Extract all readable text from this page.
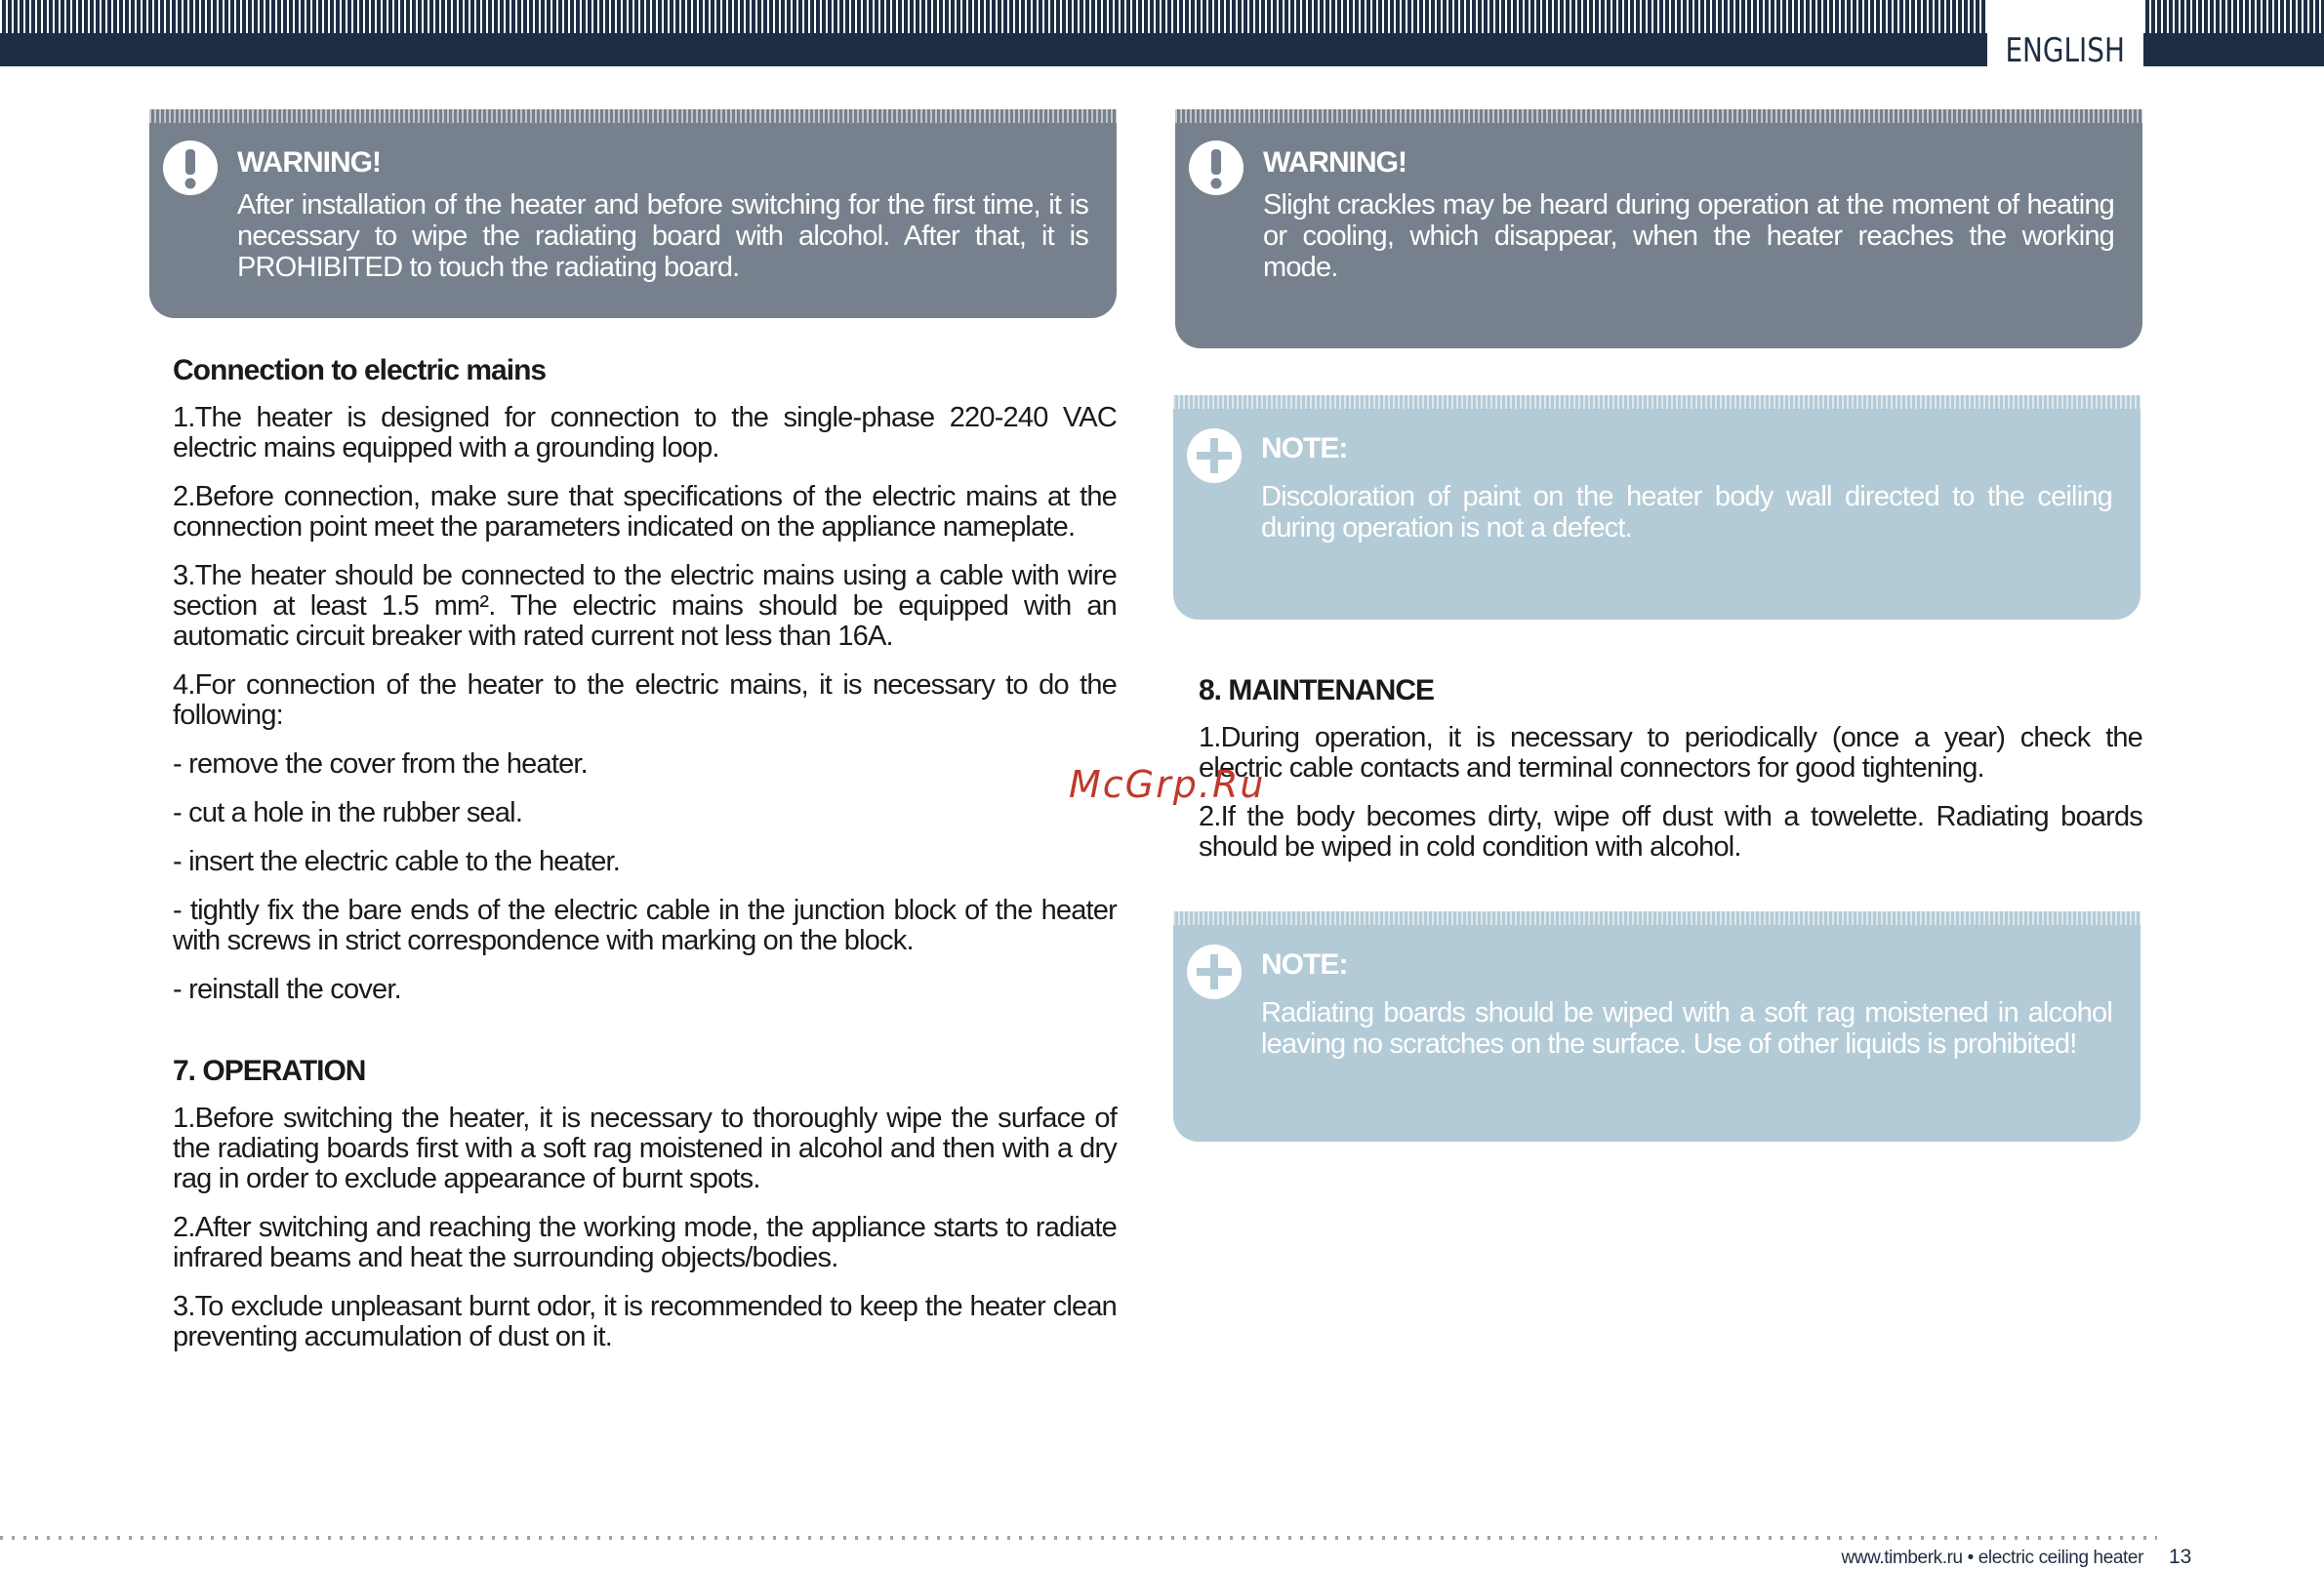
ENGLISH
WARNING!
After installation of the heater and before switching for the first time, it is necessary to wipe the radiating board with alcohol. After that, it is PROHIBITED to touch the radiating board.
Connection to electric mains

1.The heater is designed for connection to the single-phase 220-240 VAC electric mains equipped with a grounding loop.

2.Before connection, make sure that specifications of the electric mains at the connection point meet the parameters indicated on the appliance nameplate.

3.The heater should be connected to the electric mains using a cable with wire section at least 1.5 mm². The electric mains should be equipped with an automatic circuit breaker with rated current not less than 16A.

4.For connection of the heater to the electric mains, it is necessary to do the following:

- remove the cover from the heater.

- cut a hole in the rubber seal.

- insert the electric cable to the heater.

- tightly fix the bare ends of the electric cable in the junction block of the heater with screws in strict correspondence with marking on the block.

- reinstall the cover.

7. OPERATION

1.Before switching the heater, it is necessary to thoroughly wipe the surface of the radiating boards first with a soft rag moistened in alcohol and then with a dry rag in order to exclude appearance of burnt spots.

2.After switching and reaching the working mode, the appliance starts to radiate infrared beams and heat the surrounding objects/bodies.

3.To exclude unpleasant burnt odor, it is recommended to keep the heater clean preventing accumulation of dust on it.

WARNING!
Slight crackles may be heard during operation at the moment of heating or cooling, which disappear, when the heater reaches the working mode.
NOTE:
Discoloration of paint on the heater body wall directed to the ceiling during operation is not a defect.
8. MAINTENANCE

1.During operation, it is necessary to periodically (once a year) check the electric cable contacts and terminal connectors for good tightening.

2.If the body becomes dirty, wipe off dust with a towelette. Radiating boards should be wiped in cold condition with alcohol.

NOTE:
Radiating boards should be wiped with a soft rag moistened in alcohol leaving no scratches on the surface. Use of other liquids is prohibited!
McGrp.Ru
www.timberk.ru • electric ceiling heater 13
